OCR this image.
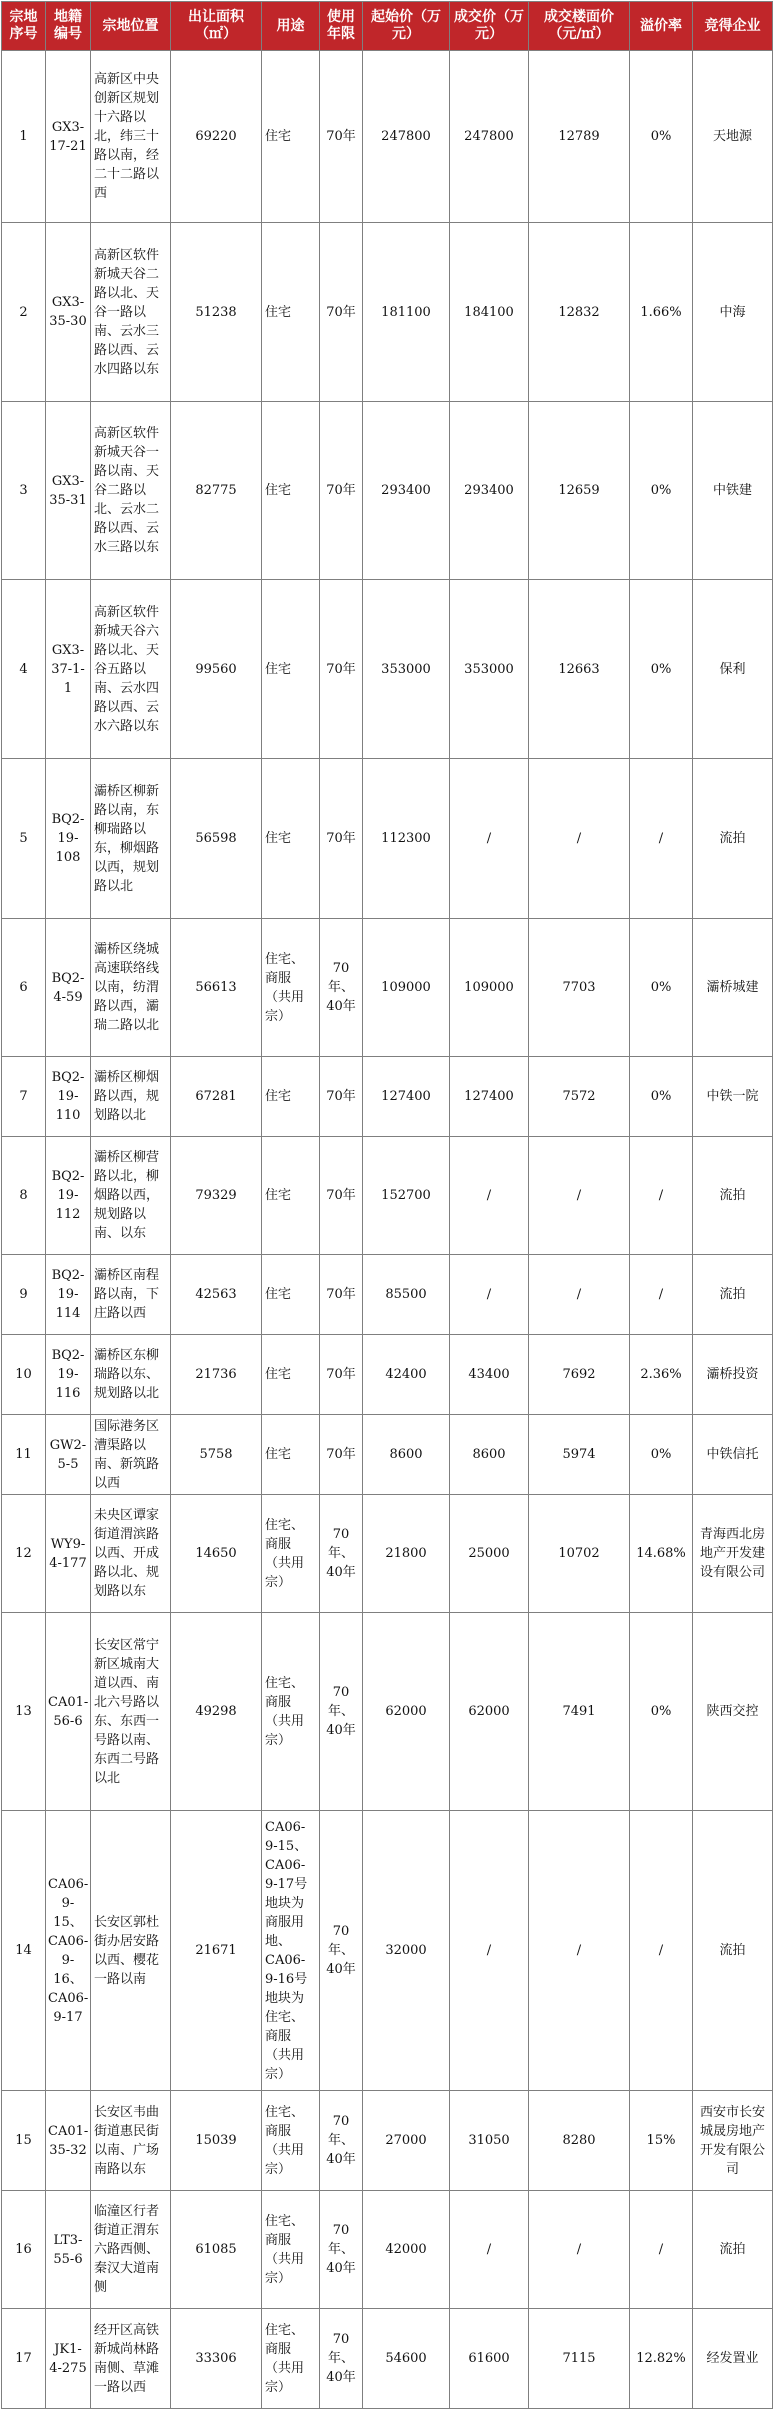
宗地序号	地籍编号	宗地位置	出让面积（㎡）	用途	使用年限	起始价（万元）	成交价（万元）	成交楼面价（元/㎡）	溢价率	竞得企业
1	GX3-17-21	高新区中央创新区规划十六路以北，纬三十路以南，经二十二路以西	69220	住宅	70年	247800	247800	12789	0%	天地源
2	GX3-35-30	高新区软件新城天谷二路以北、天谷一路以南、云水三路以西、云水四路以东	51238	住宅	70年	181100	184100	12832	1.66%	中海
3	GX3-35-31	高新区软件新城天谷一路以南、天谷二路以北、云水二路以西、云水三路以东	82775	住宅	70年	293400	293400	12659	0%	中铁建
4	GX3-37-1-1	高新区软件新城天谷六路以北、天谷五路以南、云水四路以西、云水六路以东	99560	住宅	70年	353000	353000	12663	0%	保利
5	BQ2-19-108	灞桥区柳新路以南，东柳瑞路以东，柳烟路以西，规划路以北	56598	住宅	70年	112300	/	/	/	流拍
6	BQ2-4-59	灞桥区绕城高速联络线以南，纺渭路以西，灞瑞二路以北	56613	住宅、商服（共用宗）	70年、40年	109000	109000	7703	0%	灞桥城建
7	BQ2-19-110	灞桥区柳烟路以西，规划路以北	67281	住宅	70年	127400	127400	7572	0%	中铁一院
8	BQ2-19-112	灞桥区柳营路以北，柳烟路以西，规划路以南、以东	79329	住宅	70年	152700	/	/	/	流拍
9	BQ2-19-114	灞桥区南程路以南，下庄路以西	42563	住宅	70年	85500	/	/	/	流拍
10	BQ2-19-116	灞桥区东柳瑞路以东、规划路以北	21736	住宅	70年	42400	43400	7692	2.36%	灞桥投资
11	GW2-5-5	国际港务区漕渠路以南、新筑路以西	5758	住宅	70年	8600	8600	5974	0%	中铁信托
12	WY9-4-177	未央区谭家街道渭滨路以西、开成路以北、规划路以东	14650	住宅、商服（共用宗）	70年、40年	21800	25000	10702	14.68%	青海西北房地产开发建设有限公司
13	CA01-56-6	长安区常宁新区城南大道以西、南北六号路以东、东西一号路以南、东西二号路以北	49298	住宅、商服（共用宗）	70年、40年	62000	62000	7491	0%	陕西交控
14	CA06-9-15、CA06-9-16、CA06-9-17	长安区郭杜街办居安路以西、樱花一路以南	21671	CA06-9-15、CA06-9-17号地块为商服用地、CA06-9-16号地块为住宅、商服（共用宗）	70年、40年	32000	/	/	/	流拍
15	CA01-35-32	长安区韦曲街道惠民街以南、广场南路以东	15039	住宅、商服（共用宗）	70年、40年	27000	31050	8280	15%	西安市长安城晟房地产开发有限公司
16	LT3-55-6	临潼区行者街道正渭东六路西侧、秦汉大道南侧	61085	住宅、商服（共用宗）	70年、40年	42000	/	/	/	流拍
17	JK1-4-275	经开区高铁新城尚林路南侧、草滩一路以西	33306	住宅、商服（共用宗）	70年、40年	54600	61600	7115	12.82%	经发置业
